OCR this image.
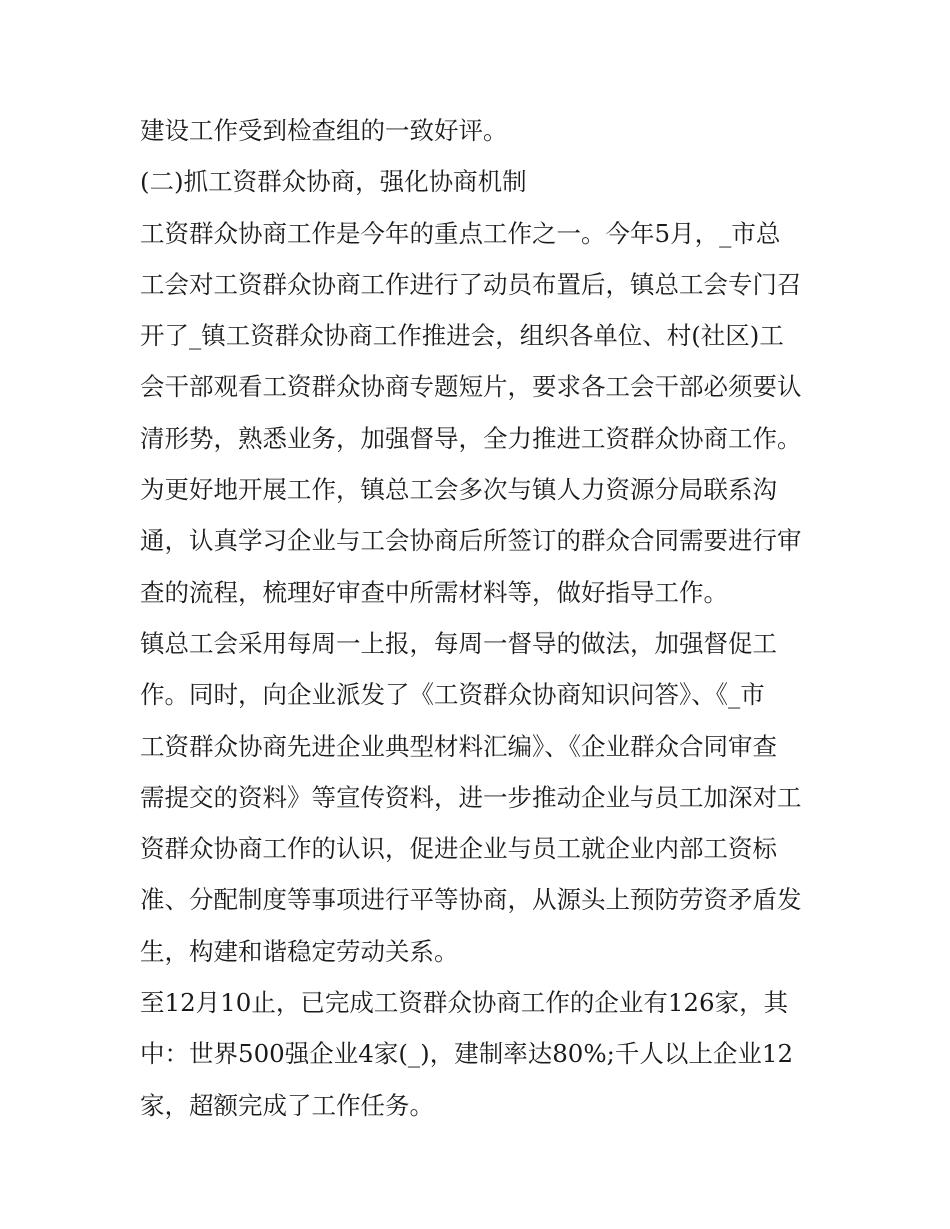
建设工作受到检查组的一致好评。
(二)抓工资群众协商，强化协商机制
工资群众协商工作是今年的重点工作之一。今年5月，_市总
工会对工资群众协商工作进行了动员布置后，镇总工会专门召
开了_镇工资群众协商工作推进会，组织各单位、村(社区)工
会干部观看工资群众协商专题短片，要求各工会干部必须要认
清形势，熟悉业务，加强督导，全力推进工资群众协商工作。
为更好地开展工作，镇总工会多次与镇人力资源分局联系沟
通，认真学习企业与工会协商后所签订的群众合同需要进行审
查的流程，梳理好审查中所需材料等，做好指导工作。
镇总工会采用每周一上报，每周一督导的做法，加强督促工
作。同时，向企业派发了《工资群众协商知识问答》、《_市
工资群众协商先进企业典型材料汇编》、《企业群众合同审查
需提交的资料》等宣传资料，进一步推动企业与员工加深对工
资群众协商工作的认识，促进企业与员工就企业内部工资标
准、分配制度等事项进行平等协商，从源头上预防劳资矛盾发
生，构建和谐稳定劳动关系。
至12月10止，已完成工资群众协商工作的企业有126家，其
中：世界500强企业4家(_)，建制率达80%;千人以上企业12
家，超额完成了工作任务。
